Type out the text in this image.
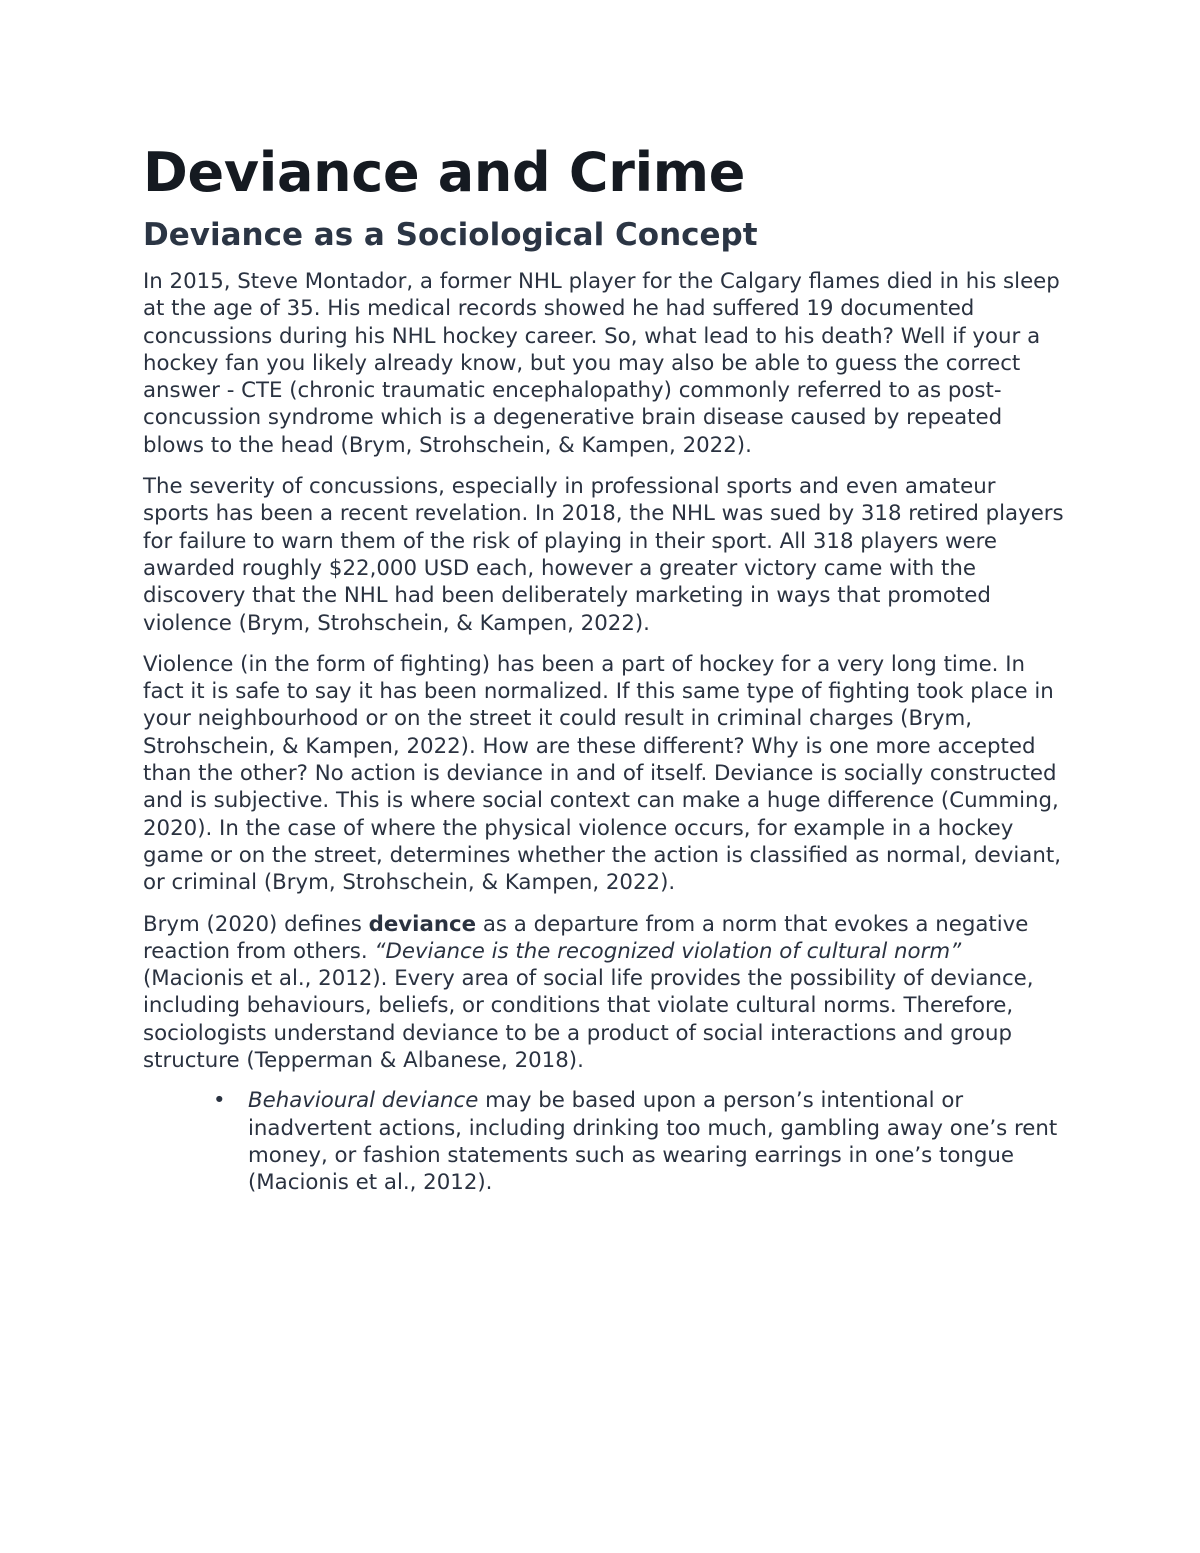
Deviance and Crime
Deviance as a Sociological Concept

In 2015, Steve Montador, a former NHL player for the Calgary flames died in his sleep at the age of 35. His medical records showed he had suffered 19 documented concussions during his NHL hockey career. So, what lead to his death? Well if your a hockey fan you likely already know, but you may also be able to guess the correct answer - CTE (chronic traumatic encephalopathy) commonly referred to as post-concussion syndrome which is a degenerative brain disease caused by repeated blows to the head (Brym, Strohschein, & Kampen, 2022).

The severity of concussions, especially in professional sports and even amateur sports has been a recent revelation. In 2018, the NHL was sued by 318 retired players for failure to warn them of the risk of playing in their sport. All 318 players were awarded roughly $22,000 USD each, however a greater victory came with the discovery that the NHL had been deliberately marketing in ways that promoted violence (Brym, Strohschein, & Kampen, 2022).

Violence (in the form of fighting) has been a part of hockey for a very long time. In fact it is safe to say it has been normalized. If this same type of fighting took place in your neighbourhood or on the street it could result in criminal charges (Brym, Strohschein, & Kampen, 2022). How are these different? Why is one more accepted than the other? No action is deviance in and of itself. Deviance is socially constructed and is subjective. This is where social context can make a huge difference (Cumming, 2020). In the case of where the physical violence occurs, for example in a hockey game or on the street, determines whether the action is classified as normal, deviant, or criminal (Brym, Strohschein, & Kampen, 2022).

Brym (2020) defines deviance as a departure from a norm that evokes a negative reaction from others. “Deviance is the recognized violation of cultural norm” (Macionis et al., 2012). Every area of social life provides the possibility of deviance, including behaviours, beliefs, or conditions that violate cultural norms. Therefore, sociologists understand deviance to be a product of social interactions and group structure (Tepperman & Albanese, 2018).

• Behavioural deviance may be based upon a person’s intentional or inadvertent actions, including drinking too much, gambling away one’s rent money, or fashion statements such as wearing earrings in one’s tongue (Macionis et al., 2012).
